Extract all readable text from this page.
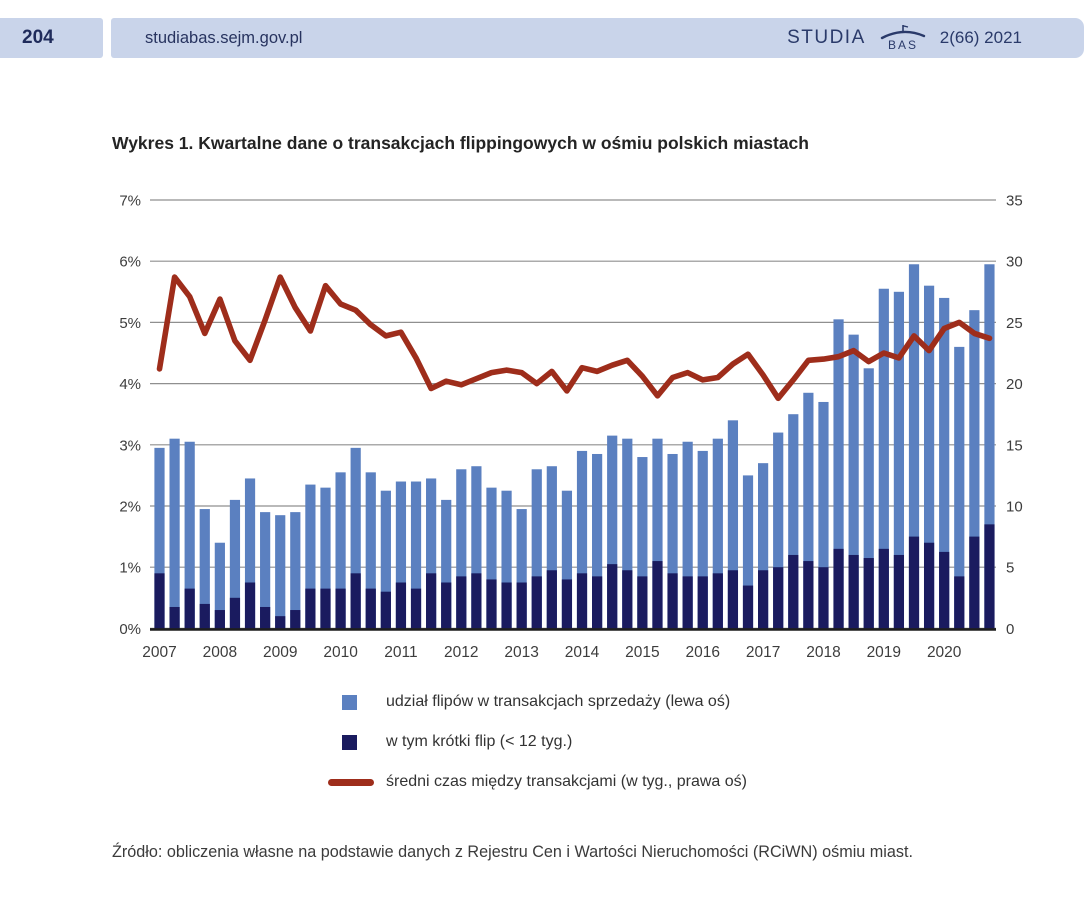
204	studiabas.sejm.gov.pl	STUDIA BAS 2(66) 2021
Wykres 1. Kwartalne dane o transakcjach flippingowych w ośmiu polskich miastach
0%
1%
2%
3%
4%
5%
6%
7%
0
5
10
15
20
25
30
35
2007 2008 2009 2010 2011 2012 2013 2014 2015 2016 2017 2018 2019 2020
udział flipów w transakcjach sprzedaży (lewa oś)
w tym krótki flip (< 12 tyg.)
średni czas między transakcjami (w tyg., prawa oś)
Źródło: obliczenia własne na podstawie danych z Rejestru Cen i Wartości Nieruchomości (RCiWN) ośmiu miast.
